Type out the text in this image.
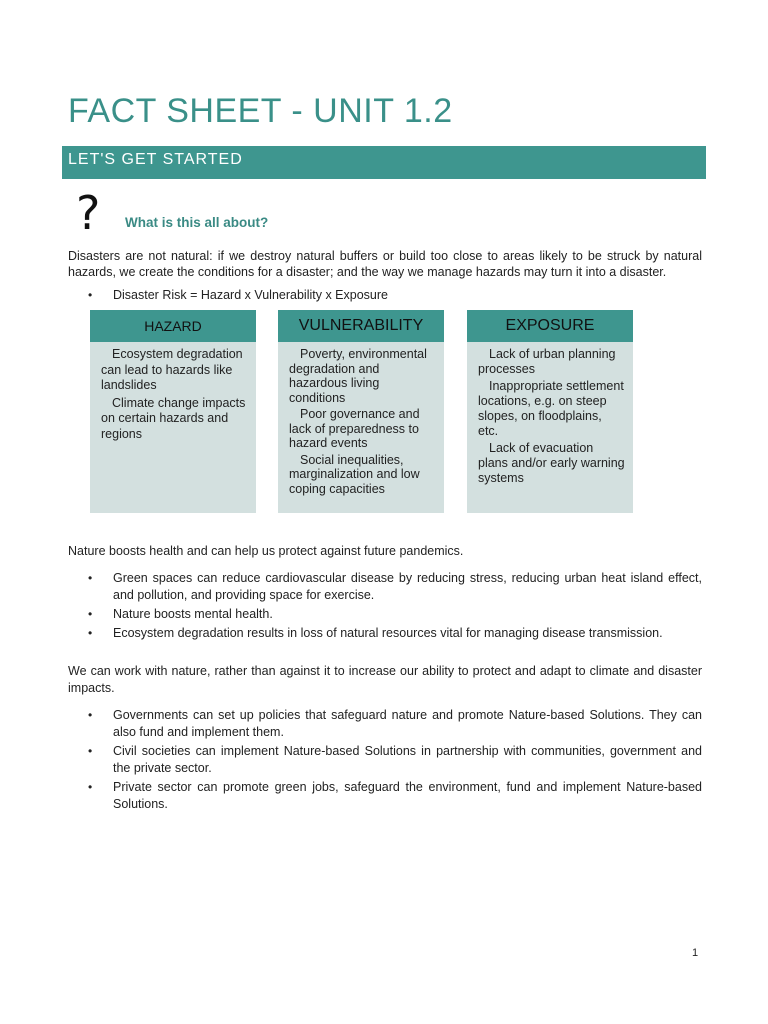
FACT SHEET - UNIT 1.2
LET'S GET STARTED
? What is this all about?

Disasters are not natural: if we destroy natural buffers or build too close to areas likely to be struck by natural hazards, we create the conditions for a disaster; and the way we manage hazards may turn it into a disaster.

• Disaster Risk = Hazard x Vulnerability x Exposure
HAZARD

Ecosystem degradation can lead to hazards like landslides

Climate change impacts on certain hazards and regions

VULNERABILITY

Poverty, environmental degradation and hazardous living conditions

Poor governance and lack of preparedness to hazard events

Social inequalities, marginalization and low coping capacities

EXPOSURE

Lack of urban planning processes

Inappropriate settlement locations, e.g. on steep slopes, on floodplains, etc.

Lack of evacuation plans and/or early warning systems

Nature boosts health and can help us protect against future pandemics.

• Green spaces can reduce cardiovascular disease by reducing stress, reducing urban heat island effect, and pollution, and providing space for exercise.
• Nature boosts mental health.
• Ecosystem degradation results in loss of natural resources vital for managing disease transmission.

We can work with nature, rather than against it to increase our ability to protect and adapt to climate and disaster impacts.

• Governments can set up policies that safeguard nature and promote Nature-based Solutions. They can also fund and implement them.
• Civil societies can implement Nature-based Solutions in partnership with communities, government and the private sector.
• Private sector can promote green jobs, safeguard the environment, fund and implement Nature-based Solutions.
1
